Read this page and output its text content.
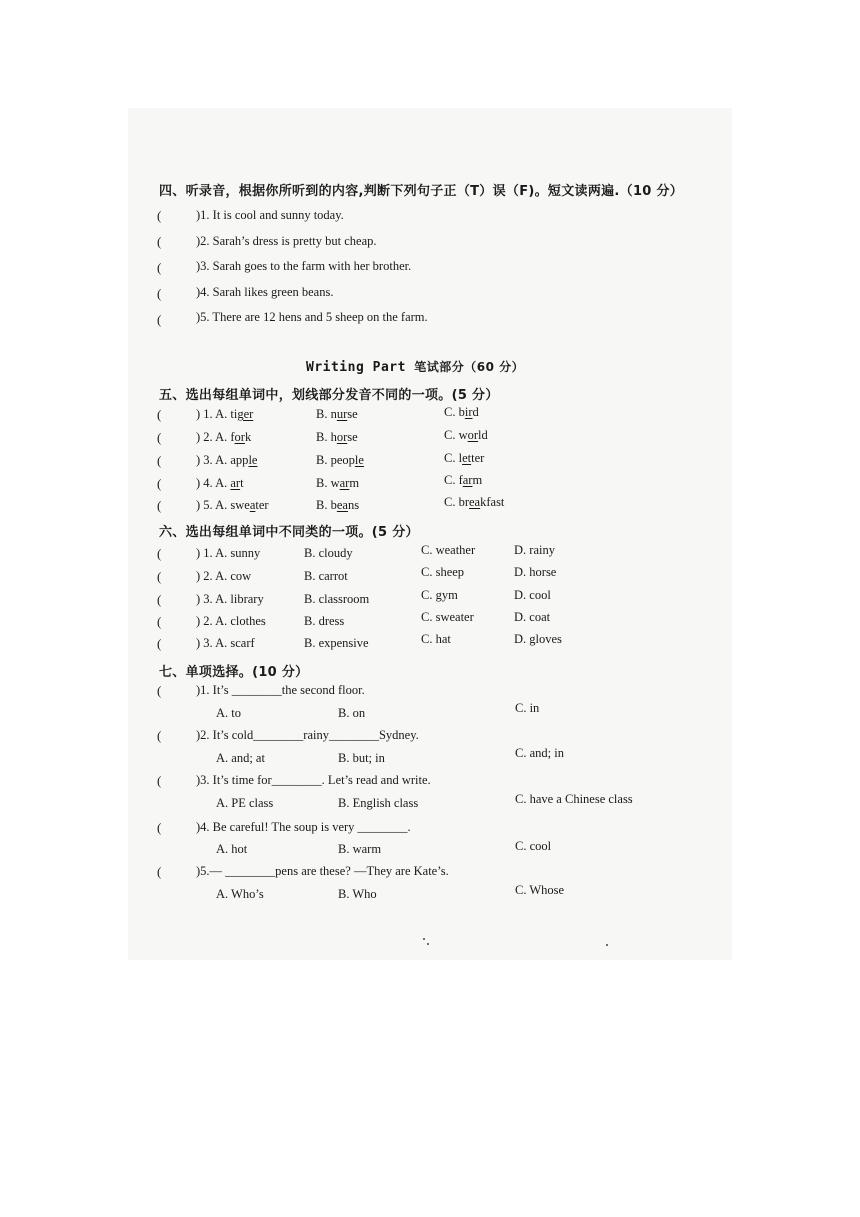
四、听录音，根据你所听到的内容,判断下列句子正（T）误（F)。短文读两遍.（10 分）
(	)1. It is cool and sunny today.
(	)2. Sarah’s dress is pretty but cheap.
(	)3. Sarah goes to the farm with her brother.
(	)4. Sarah likes green beans.
(	)5. There are 12 hens and 5 sheep on the farm.
Writing Part 笔试部分（60 分）
五、选出每组单词中，划线部分发音不同的一项。(5 分）
(	) 1. A. tiger	B. nurse	C. bird
(	) 2. A. fork	B. horse	C. world
(	) 3. A. apple	B. people	C. letter
(	) 4. A. art	B. warm	C. farm
(	) 5. A. sweater	B. beans	C. breakfast
六、选出每组单词中不同类的一项。(5 分）
(	) 1. A. sunny	B. cloudy	C. weather	D. rainy
(	) 2. A. cow	B. carrot	C. sheep	D. horse
(	) 3. A. library	B. classroom	C. gym	D. cool
(	) 2. A. clothes	B. dress	C. sweater	D. coat
(	) 3. A. scarf	B. expensive	C. hat	D. gloves
七、单项选择。(10 分）
(	)1. It’s ________the second floor.
A. to	B. on	C. in
(	)2. It’s cold________rainy________Sydney.
A. and; at	B. but; in	C. and; in
(	)3. It’s time for________. Let’s read and write.
A. PE class	B. English class	C. have a Chinese class
(	)4. Be careful! The soup is very ________.
A. hot	B. warm	C. cool
(	)5.— ________pens are these? —They are Kate’s.
A. Who’s	B. Who	C. Whose
